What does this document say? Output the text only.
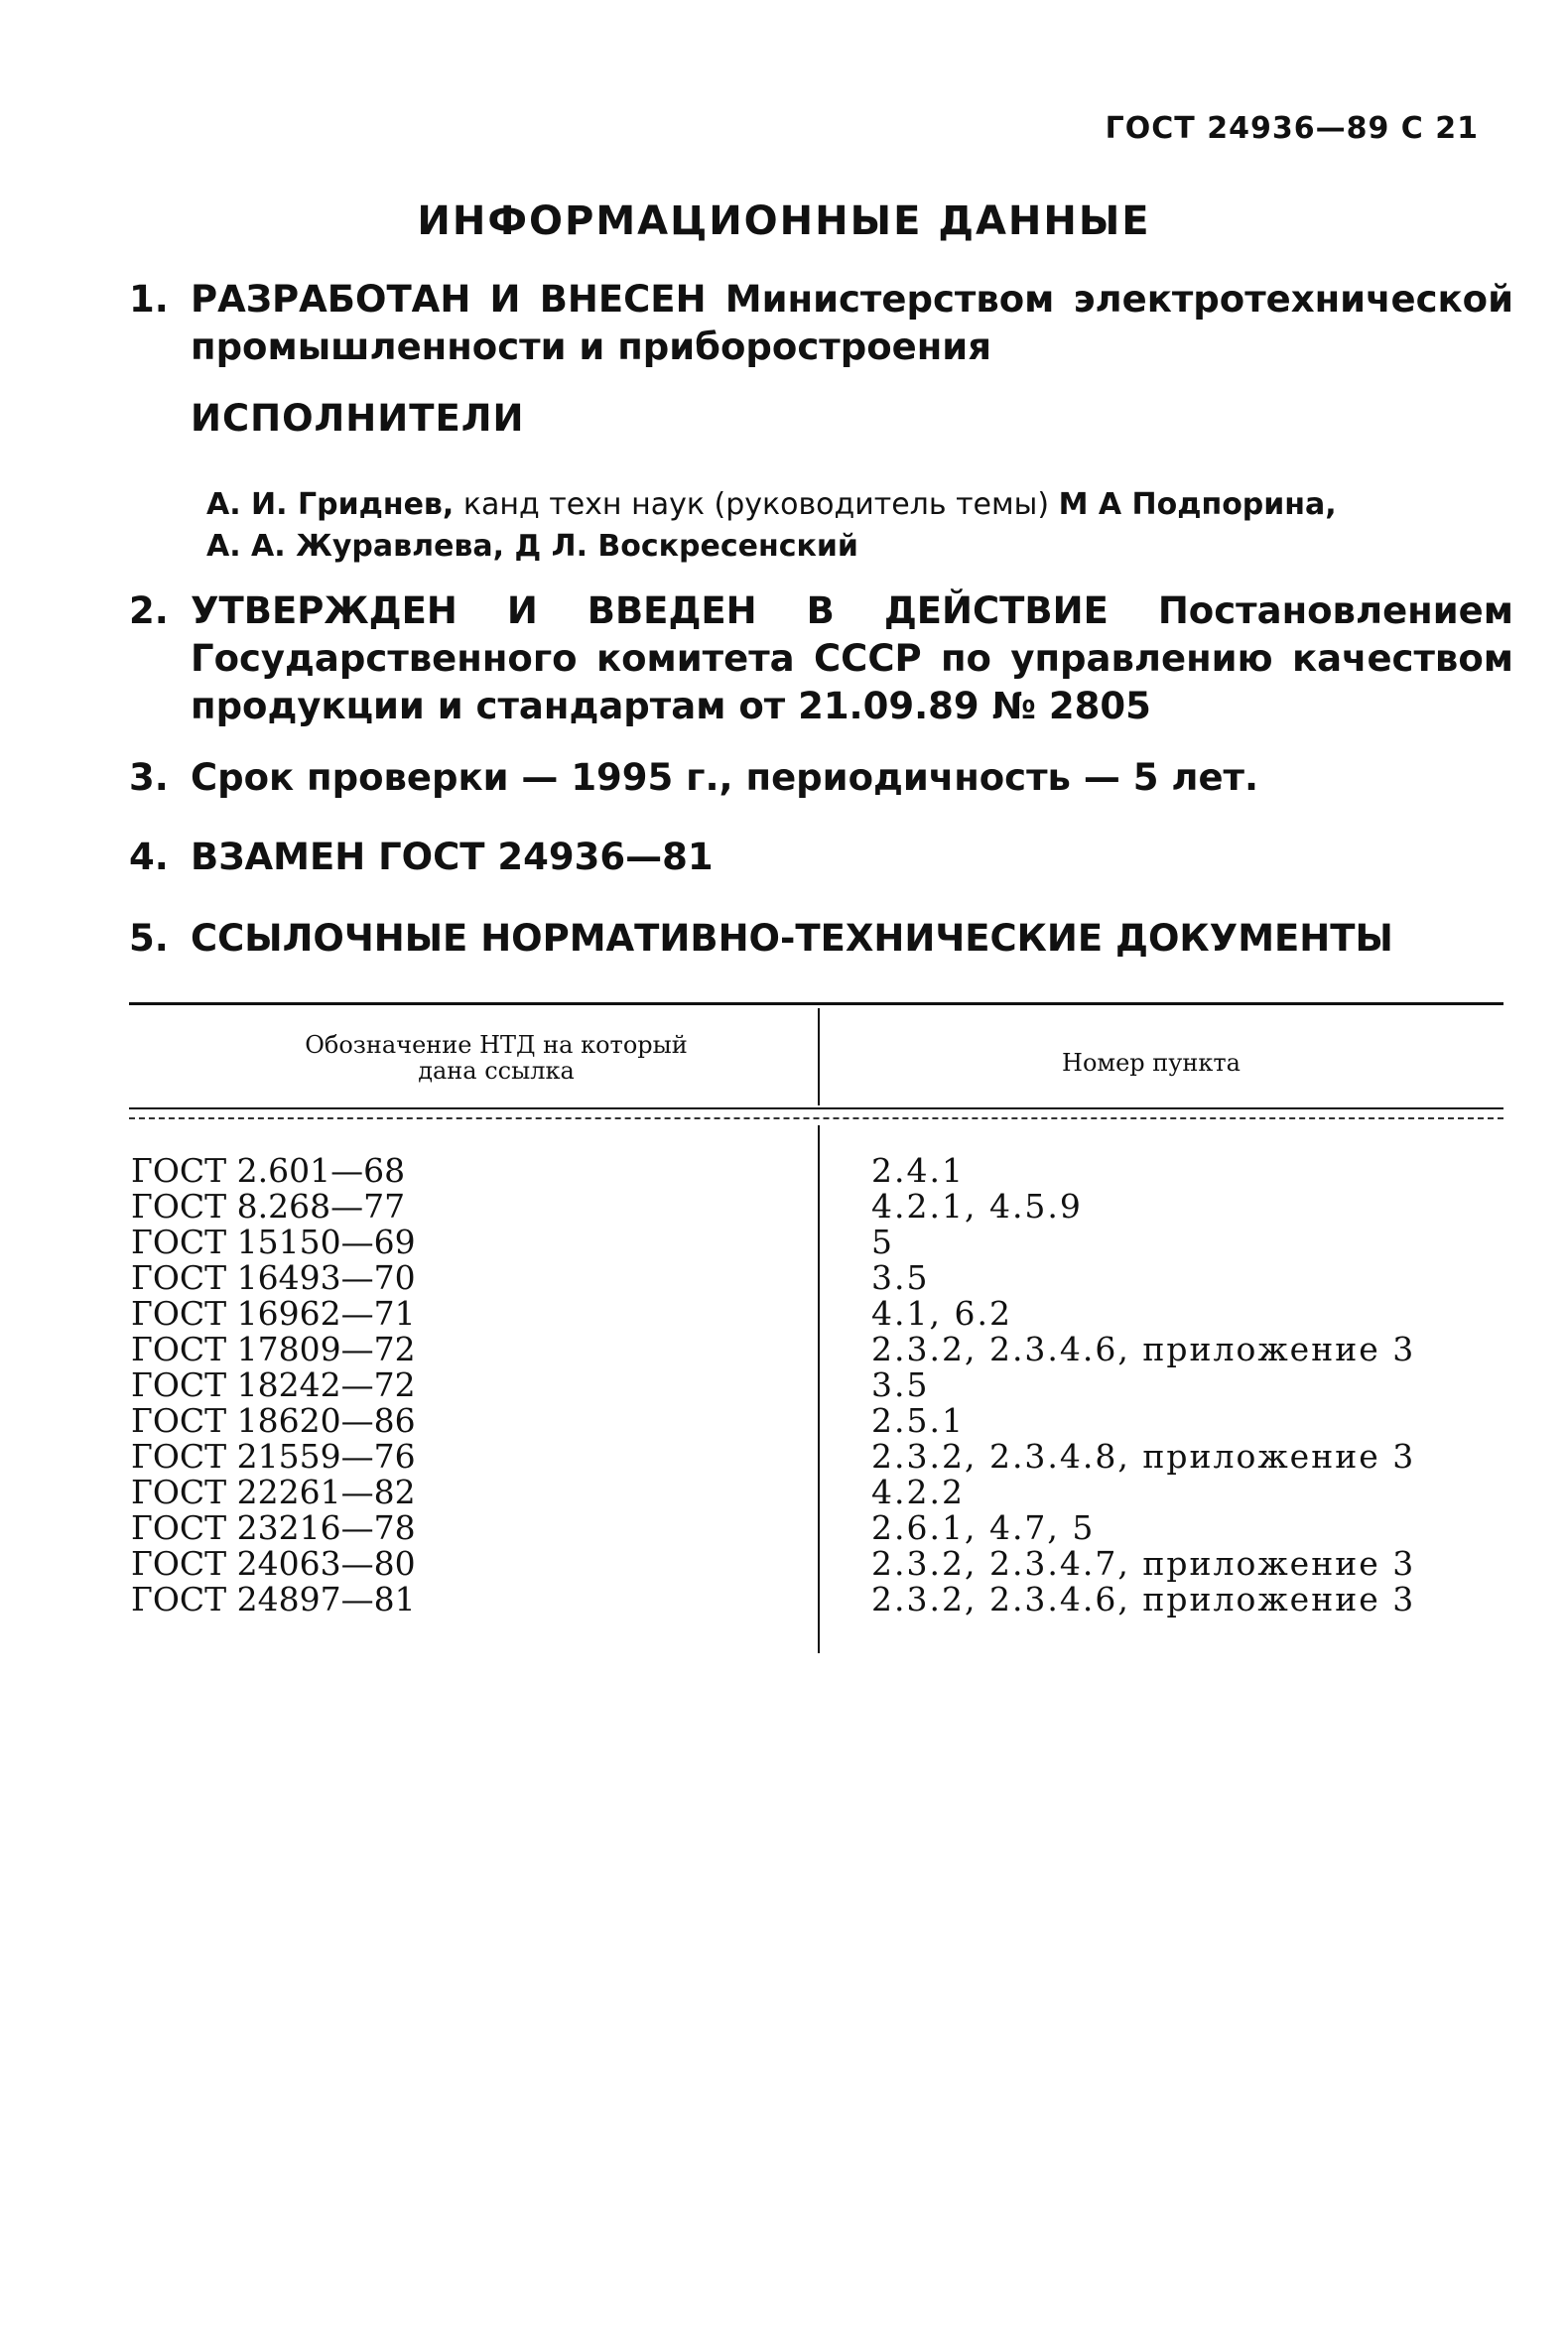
ГОСТ 24936—89 С 21
ИНФОРМАЦИОННЫЕ ДАННЫЕ
1. РАЗРАБОТАН И ВНЕСЕН Министерством электротехнической промышленности и приборостроения
ИСПОЛНИТЕЛИ
А. И. Гриднев, канд техн наук (руководитель темы) М А Подпорина,
А. А. Журавлева, Д Л. Воскресенский
2. УТВЕРЖДЕН И ВВЕДЕН В ДЕЙСТВИЕ Постановлением Государственного комитета СССР по управлению качеством продукции и стандартам от 21.09.89 № 2805
3. Срок проверки — 1995 г., периодичность — 5 лет.
4. ВЗАМЕН ГОСТ 24936—81
5. ССЫЛОЧНЫЕ НОРМАТИВНО-ТЕХНИЧЕСКИЕ ДОКУМЕНТЫ
Обозначение НТД на который
дана ссылка	Номер пункта
ГОСТ 2.601—68	2.4.1
ГОСТ 8.268—77	4.2.1, 4.5.9
ГОСТ 15150—69	5
ГОСТ 16493—70	3.5
ГОСТ 16962—71	4.1, 6.2
ГОСТ 17809—72	2.3.2, 2.3.4.6, приложение 3
ГОСТ 18242—72	3.5
ГОСТ 18620—86	2.5.1
ГОСТ 21559—76	2.3.2, 2.3.4.8, приложение 3
ГОСТ 22261—82	4.2.2
ГОСТ 23216—78	2.6.1, 4.7, 5
ГОСТ 24063—80	2.3.2, 2.3.4.7, приложение 3
ГОСТ 24897—81	2.3.2, 2.3.4.6, приложение 3
